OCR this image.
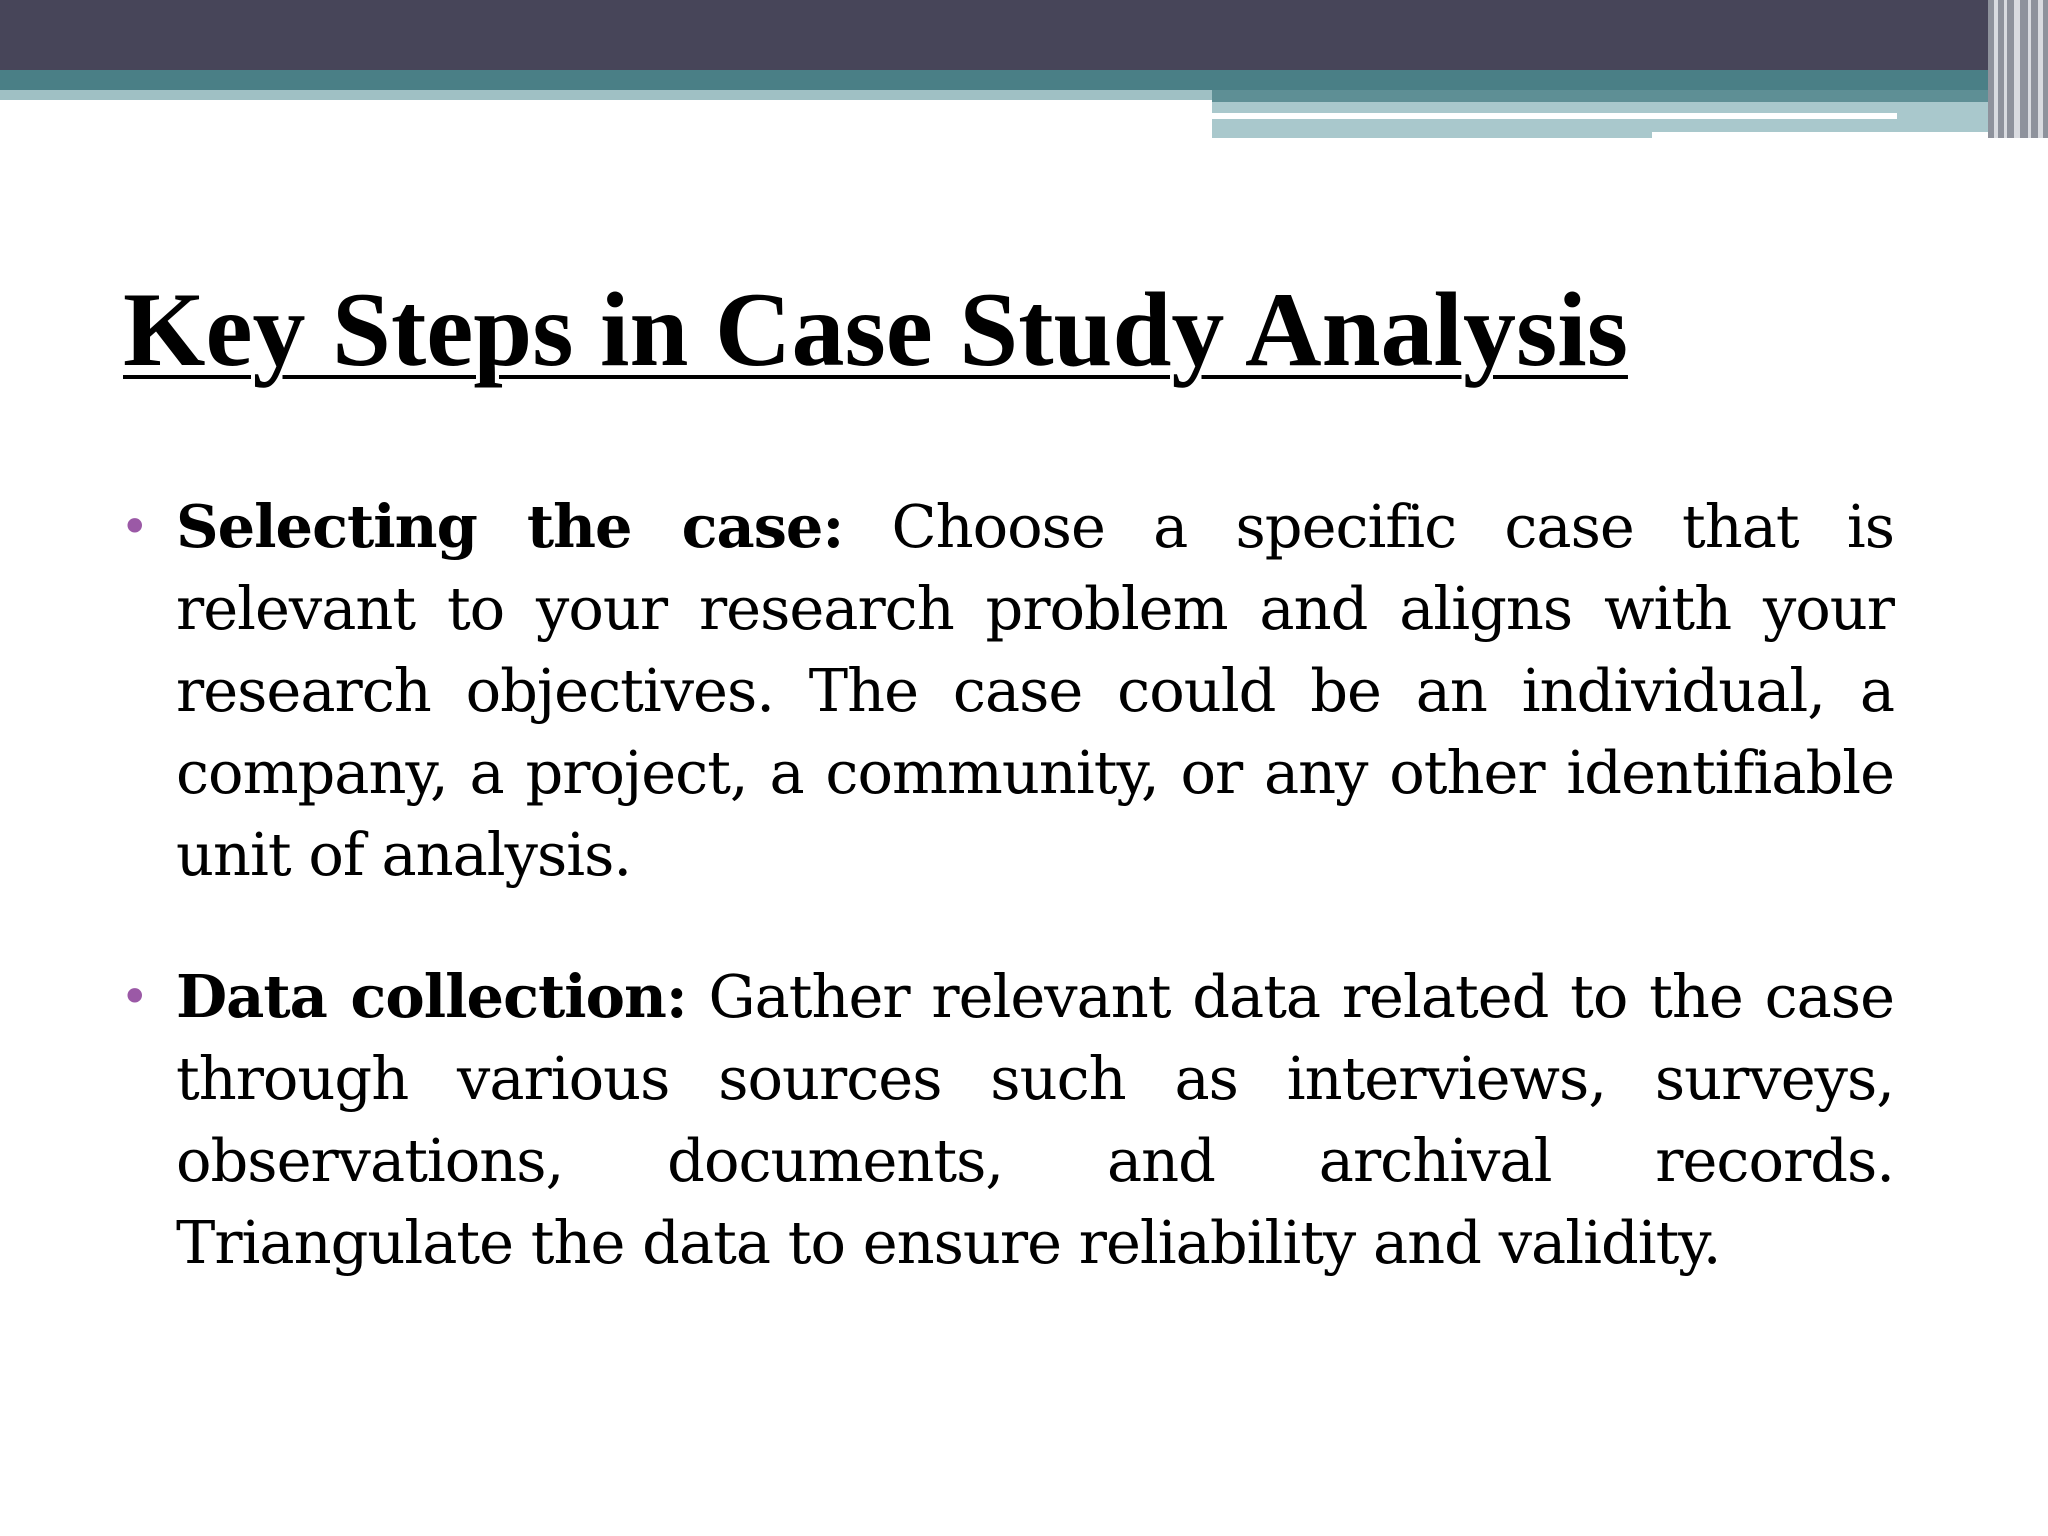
Key Steps in Case Study Analysis
• Selecting the case: Choose a specific case that is relevant to your research problem and aligns with your research objectives. The case could be an individual, a company, a project, a community, or any other identifiable unit of analysis.
• Data collection: Gather relevant data related to the case through various sources such as interviews, surveys, observations, documents, and archival records. Triangulate the data to ensure reliability and validity.
